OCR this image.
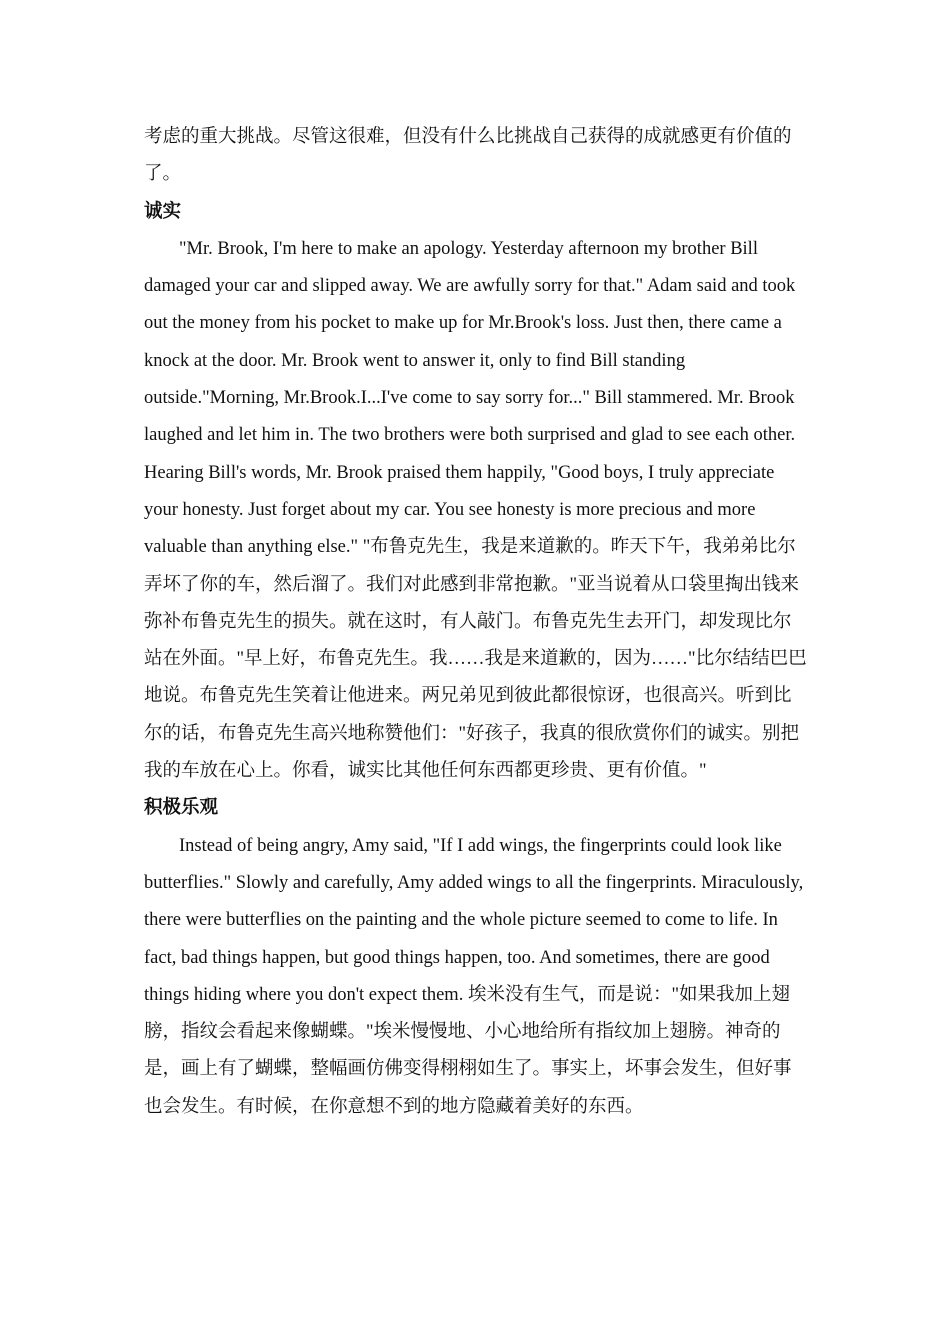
考虑的重大挑战。尽管这很难，但没有什么比挑战自己获得的成就感更有价值的了。

诚实

"Mr. Brook, I'm here to make an apology. Yesterday afternoon my brother Bill damaged your car and slipped away. We are awfully sorry for that." Adam said and took out the money from his pocket to make up for Mr.Brook's loss. Just then, there came a knock at the door. Mr. Brook went to answer it, only to find Bill standing outside."Morning, Mr.Brook.I...I've come to say sorry for..." Bill stammered. Mr. Brook laughed and let him in. The two brothers were both surprised and glad to see each other. Hearing Bill's words, Mr. Brook praised them happily, "Good boys, I truly appreciate your honesty. Just forget about my car. You see honesty is more precious and more valuable than anything else." "布鲁克先生，我是来道歉的。昨天下午，我弟弟比尔弄坏了你的车，然后溜了。我们对此感到非常抱歉。"亚当说着从口袋里掏出钱来弥补布鲁克先生的损失。就在这时，有人敲门。布鲁克先生去开门，却发现比尔站在外面。"早上好，布鲁克先生。我……我是来道歉的，因为……"比尔结结巴巴地说。布鲁克先生笑着让他进来。两兄弟见到彼此都很惊讶，也很高兴。听到比尔的话，布鲁克先生高兴地称赞他们："好孩子，我真的很欣赏你们的诚实。别把我的车放在心上。你看，诚实比其他任何东西都更珍贵、更有价值。"

积极乐观

Instead of being angry, Amy said, "If I add wings, the fingerprints could look like butterflies." Slowly and carefully, Amy added wings to all the fingerprints. Miraculously, there were butterflies on the painting and the whole picture seemed to come to life. In fact, bad things happen, but good things happen, too. And sometimes, there are good things hiding where you don't expect them. 埃米没有生气，而是说："如果我加上翅膀，指纹会看起来像蝴蝶。"埃米慢慢地、小心地给所有指纹加上翅膀。神奇的是，画上有了蝴蝶，整幅画仿佛变得栩栩如生了。事实上，坏事会发生，但好事也会发生。有时候，在你意想不到的地方隐藏着美好的东西。
